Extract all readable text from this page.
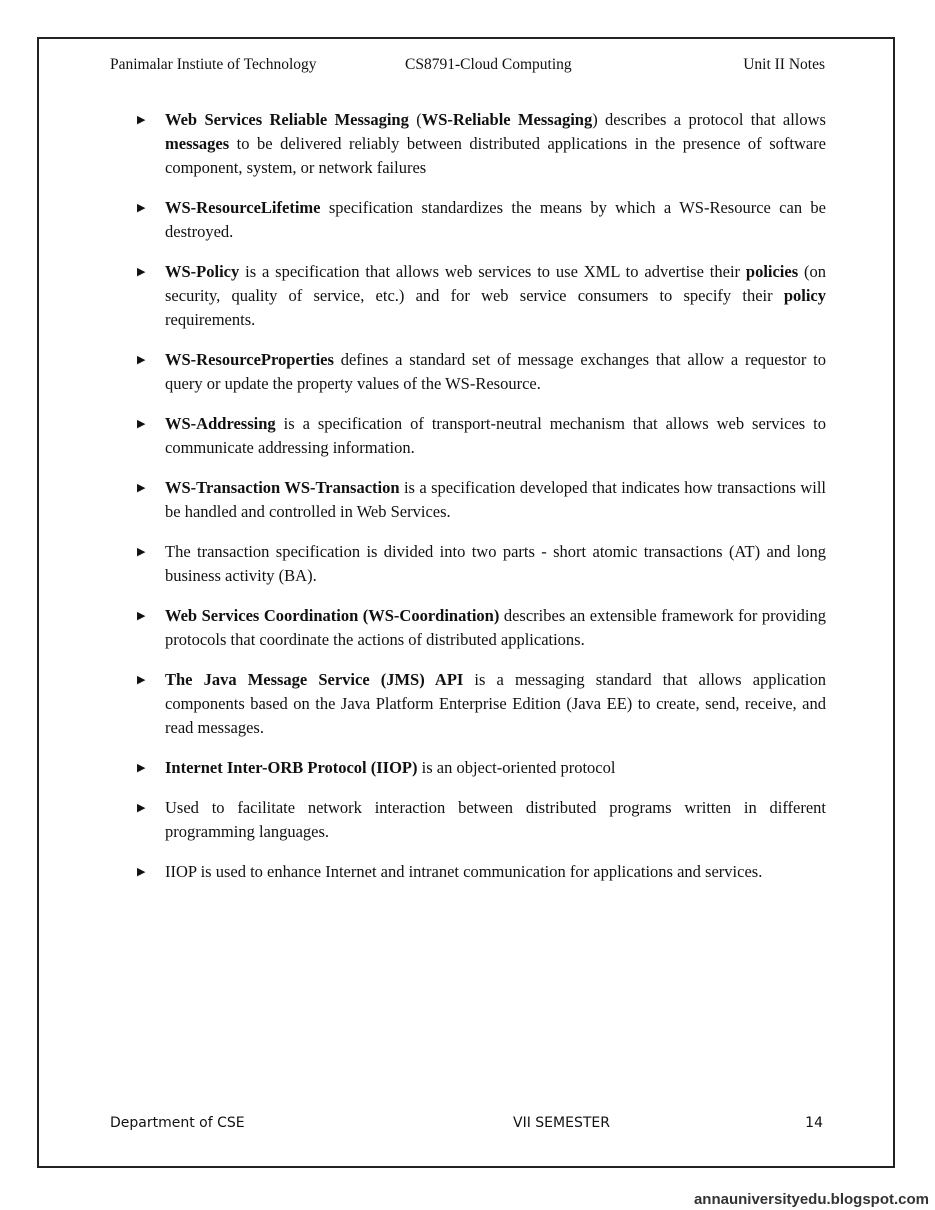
Panimalar Instiute of Technology	CS8791-Cloud Computing	Unit II Notes
▶	Web Services Reliable Messaging (WS-Reliable Messaging) describes a protocol that allows messages to be delivered reliably between distributed applications in the presence of software component, system, or network failures
▶	WS-ResourceLifetime specification standardizes the means by which a WS-Resource can be destroyed.
▶	WS-Policy is a specification that allows web services to use XML to advertise their policies (on security, quality of service, etc.) and for web service consumers to specify their policy requirements.
▶	WS-ResourceProperties defines a standard set of message exchanges that allow a requestor to query or update the property values of the WS-Resource.
▶	WS-Addressing is a specification of transport-neutral mechanism that allows web services to communicate addressing information.
▶	WS-Transaction WS-Transaction is a specification developed that indicates how transactions will be handled and controlled in Web Services.
▶	The transaction specification is divided into two parts - short atomic transactions (AT) and long business activity (BA).
▶	Web Services Coordination (WS-Coordination) describes an extensible framework for providing protocols that coordinate the actions of distributed applications.
▶	The Java Message Service (JMS) API is a messaging standard that allows application components based on the Java Platform Enterprise Edition (Java EE) to create, send, receive, and read messages.
▶	Internet Inter-ORB Protocol (IIOP) is an object-oriented protocol
▶	Used to facilitate network interaction between distributed programs written in different programming languages.
▶	IIOP is used to enhance Internet and intranet communication for applications and services.
Department of CSE	VII SEMESTER	14
annauniversityedu.blogspot.com
